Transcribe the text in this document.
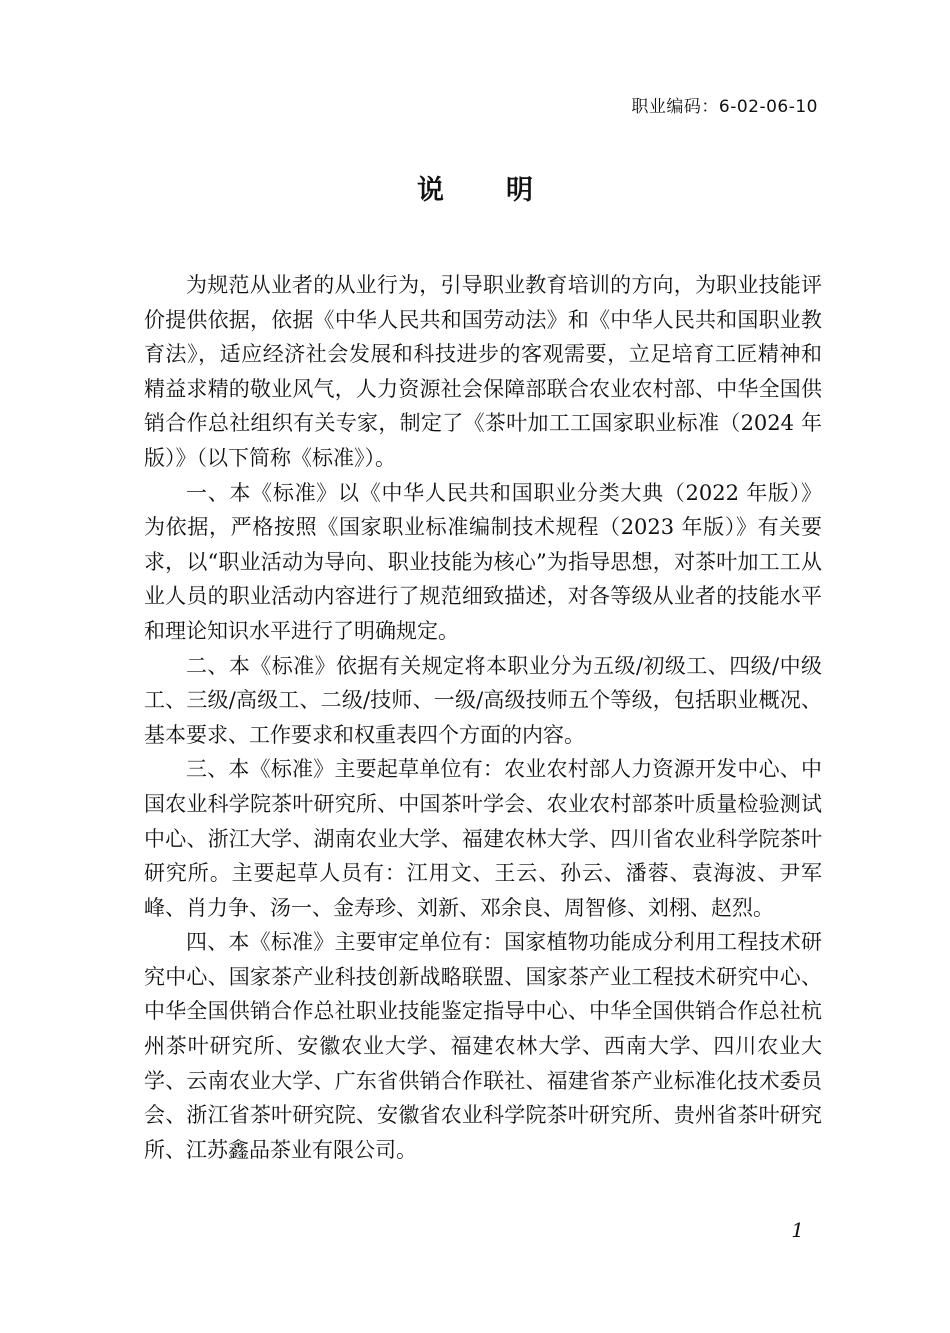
职业编码：6-02-06-10
说明

为规范从业者的从业行为，引导职业教育培训的方向，为职业技能评价提供依据，依据《中华人民共和国劳动法》和《中华人民共和国职业教育法》，适应经济社会发展和科技进步的客观需要，立足培育工匠精神和精益求精的敬业风气，人力资源社会保障部联合农业农村部、中华全国供销合作总社组织有关专家，制定了《茶叶加工工国家职业标准（2024 年版）》（以下简称《标准》）。

一、本《标准》以《中华人民共和国职业分类大典（2022 年版）》为依据，严格按照《国家职业标准编制技术规程（2023 年版）》有关要求，以“职业活动为导向、职业技能为核心”为指导思想，对茶叶加工工从业人员的职业活动内容进行了规范细致描述，对各等级从业者的技能水平和理论知识水平进行了明确规定。

二、本《标准》依据有关规定将本职业分为五级/初级工、四级/中级工、三级/高级工、二级/技师、一级/高级技师五个等级，包括职业概况、基本要求、工作要求和权重表四个方面的内容。

三、本《标准》主要起草单位有：农业农村部人力资源开发中心、中国农业科学院茶叶研究所、中国茶叶学会、农业农村部茶叶质量检验测试中心、浙江大学、湖南农业大学、福建农林大学、四川省农业科学院茶叶研究所。主要起草人员有：江用文、王云、孙云、潘蓉、袁海波、尹军峰、肖力争、汤一、金寿珍、刘新、邓余良、周智修、刘栩、赵烈。

四、本《标准》主要审定单位有：国家植物功能成分利用工程技术研究中心、国家茶产业科技创新战略联盟、国家茶产业工程技术研究中心、中华全国供销合作总社职业技能鉴定指导中心、中华全国供销合作总社杭州茶叶研究所、安徽农业大学、福建农林大学、西南大学、四川农业大学、云南农业大学、广东省供销合作联社、福建省茶产业标准化技术委员会、浙江省茶叶研究院、安徽省农业科学院茶叶研究所、贵州省茶叶研究所、江苏鑫品茶业有限公司。

1
